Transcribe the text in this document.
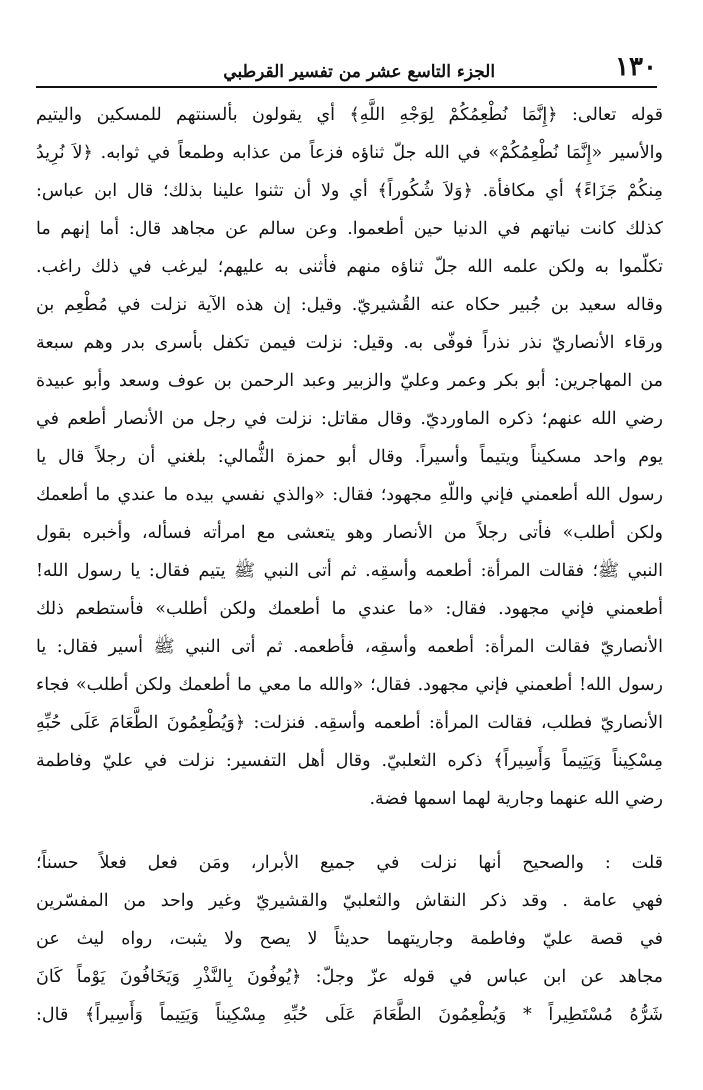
١٣٠
الجزء التاسع عشر من تفسير القرطبي
قوله تعالى: ﴿إِنَّمَا نُطْعِمُكُمْ لِوَجْهِ اللَّهِ﴾ أي يقولون بألسنتهم للمسكين واليتيم
والأسير «إِنَّمَا نُطْعِمُكُمْ» في الله جلّ ثناؤه فزعاً من عذابه وطمعاً في ثوابه. ﴿لاَ نُرِيدُ
مِنكُمْ جَزَاءً﴾ أي مكافأة. ﴿وَلاَ شُكُوراً﴾ أي ولا أن تثنوا علينا بذلك؛ قال ابن عباس:
كذلك كانت نياتهم في الدنيا حين أطعموا. وعن سالم عن مجاهد قال: أما إنهم ما
تكلّموا به ولكن علمه الله جلّ ثناؤه منهم فأثنى به عليهم؛ ليرغب في ذلك راغب.
وقاله سعيد بن جُبير حكاه عنه القُشيريّ. وقيل: إن هذه الآية نزلت في مُطْعِم بن
ورقاء الأنصاريّ نذر نذراً فوفّى به. وقيل: نزلت فيمن تكفل بأسرى بدر وهم سبعة
من المهاجرين: أبو بكر وعمر وعليّ والزبير وعبد الرحمن بن عوف وسعد وأبو عبيدة
رضي الله عنهم؛ ذكره الماورديّ. وقال مقاتل: نزلت في رجل من الأنصار أطعم في
يوم واحد مسكيناً ويتيماً وأسيراً. وقال أبو حمزة الثُّمالي: بلغني أن رجلاً قال يا
رسول الله أطعمني فإني واللّهِ مجهود؛ فقال: «والذي نفسي بيده ما عندي ما أطعمك
ولكن أطلب» فأتى رجلاً من الأنصار وهو يتعشى مع امرأته فسأله، وأخبره بقول
النبي ﷺ؛ فقالت المرأة: أطعمه وأسقِه. ثم أتى النبي ﷺ يتيم فقال: يا رسول الله!
أطعمني فإني مجهود. فقال: «ما عندي ما أطعمك ولكن أطلب» فأستطعم ذلك
الأنصاريّ فقالت المرأة: أطعمه وأسقِه، فأطعمه. ثم أتى النبي ﷺ أسير فقال: يا
رسول الله! أطعمني فإني مجهود. فقال؛ «والله ما معي ما أطعمك ولكن أطلب» فجاء
الأنصاريّ فطلب، فقالت المرأة: أطعمه وأسقِه. فنزلت: ﴿وَيُطْعِمُونَ الطَّعَامَ عَلَى حُبِّهِ
مِسْكِيناً وَيَتِيماً وَأَسِيراً﴾ ذكره الثعلبيّ. وقال أهل التفسير: نزلت في عليّ وفاطمة
رضي الله عنهما وجارية لهما اسمها فضة.
قلت : والصحيح أنها نزلت في جميع الأبرار، ومَن فعل فعلاً حسناً؛
فهي عامة . وقد ذكر النقاش والثعلبيّ والقشيريّ وغير واحد من المفسّرين
في قصة عليّ وفاطمة وجاريتهما حديثاً لا يصح ولا يثبت، رواه ليث عن
مجاهد عن ابن عباس في قوله عزّ وجلّ: ﴿يُوفُونَ بِالنَّذْرِ وَيَخَافُونَ يَوْماً كَانَ
شَرُّهُ مُسْتَطِيراً * وَيُطْعِمُونَ الطَّعَامَ عَلَى حُبِّهِ مِسْكِيناً وَيَتِيماً وَأَسِيراً﴾ قال:
